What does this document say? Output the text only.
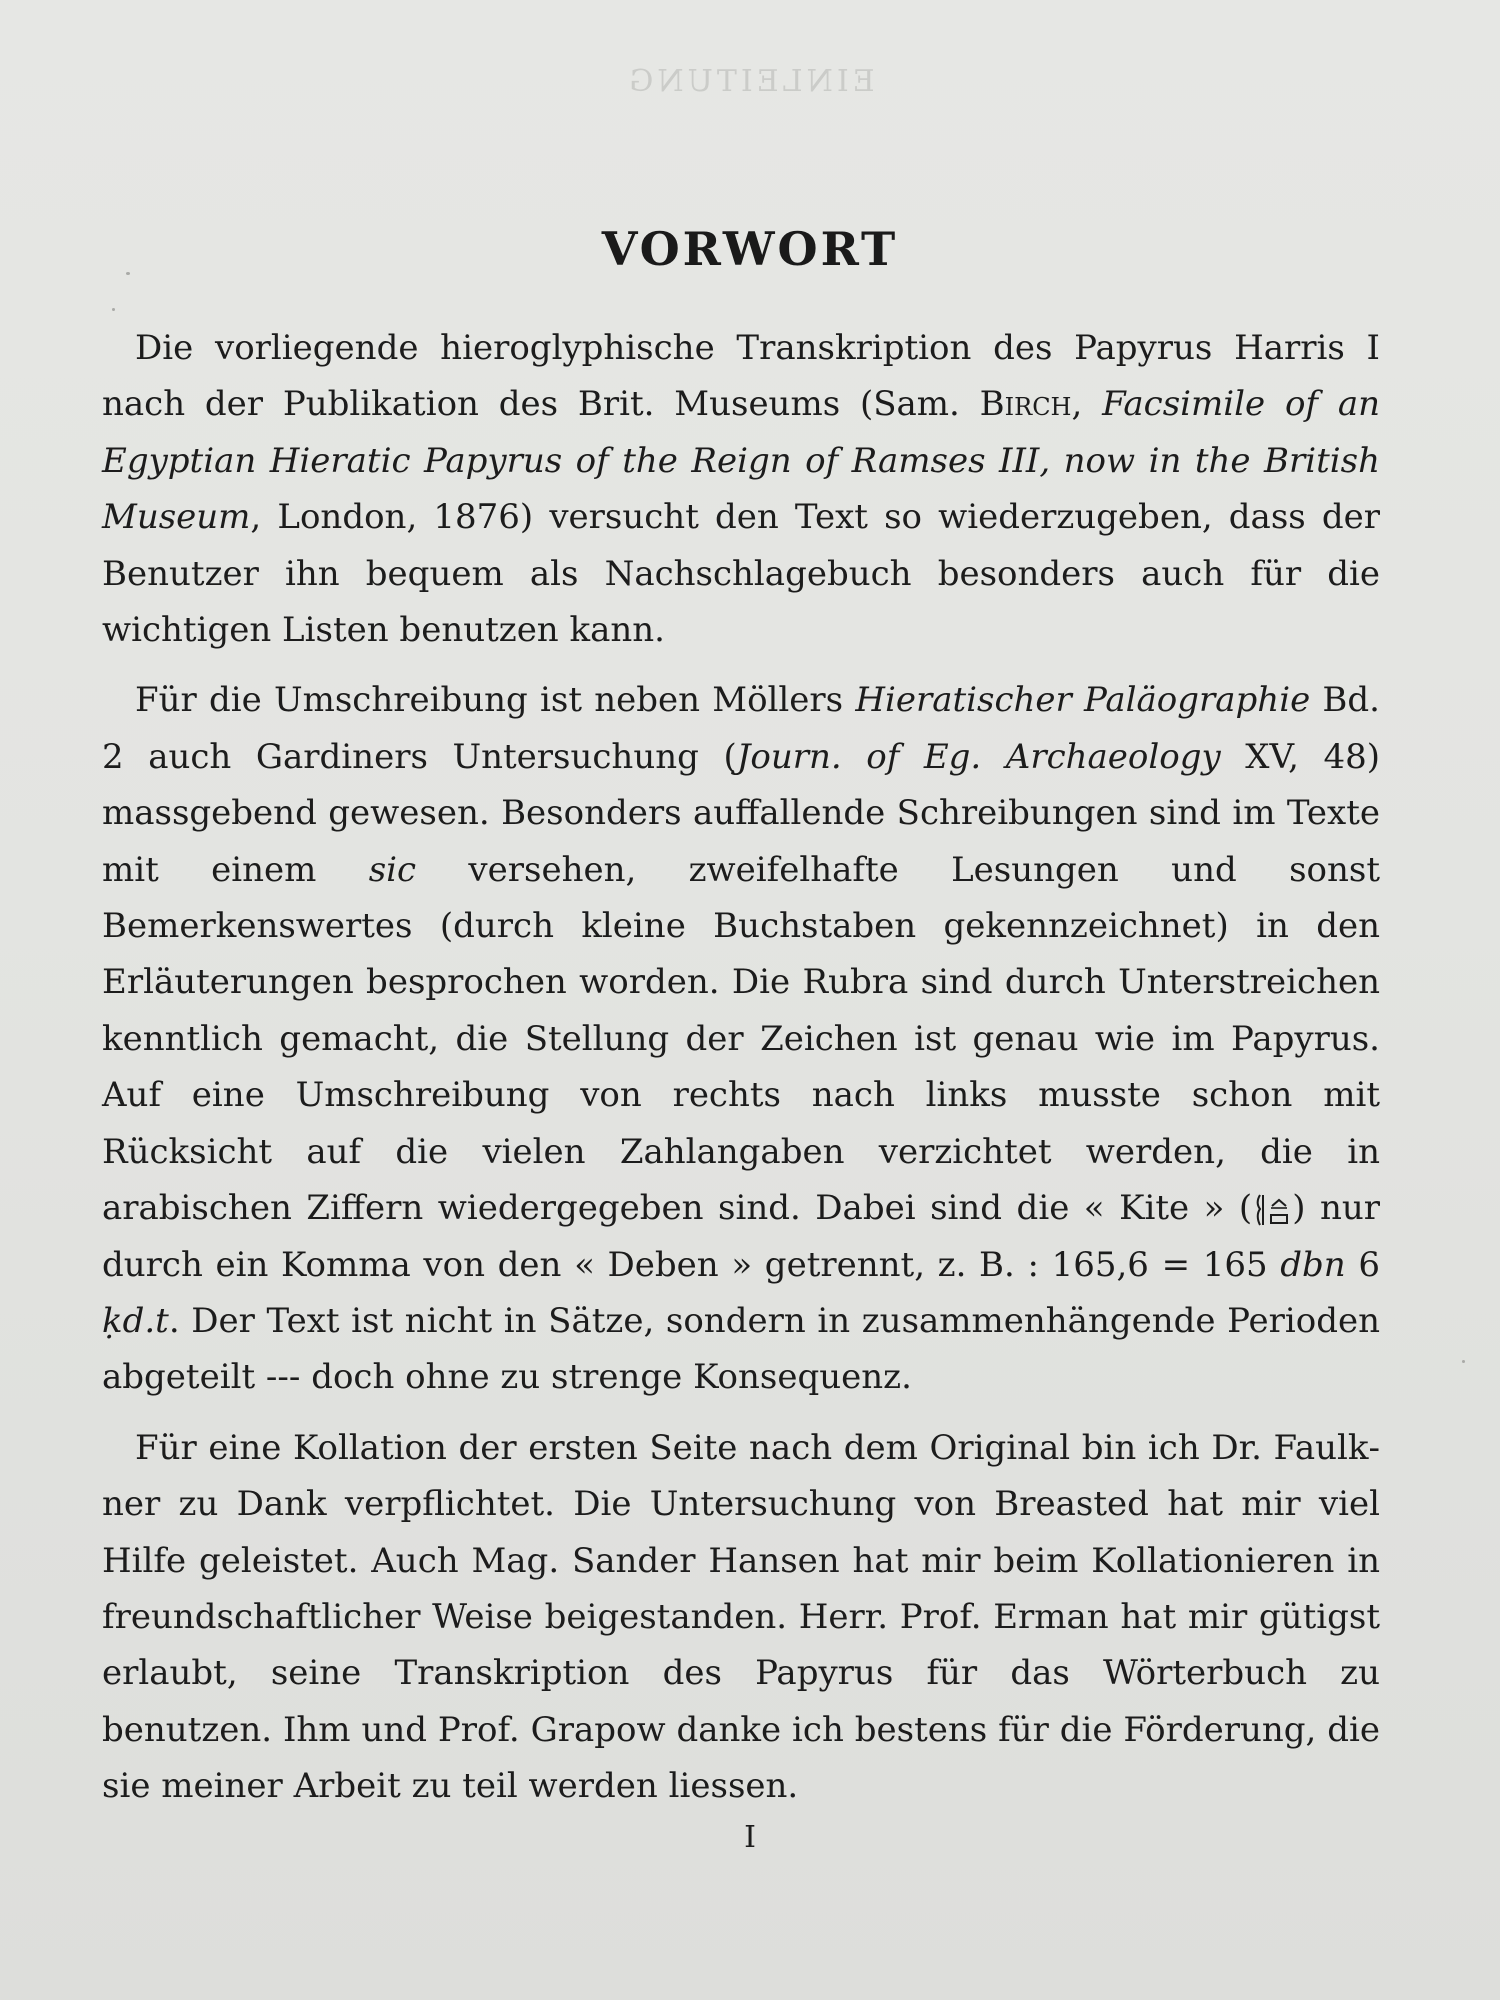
EINLEITUNG
VORWORT

Die vorliegende hieroglyphische Transkription des Papyrus Harris I nach der Publikation des Brit. Museums (Sam. Birch, Facsimile of an Egyptian Hieratic Papyrus of the Reign of Ramses III, now in the British Museum, London, 1876) versucht den Text so wiederzugeben, dass der Benutzer ihn bequem als Nachschlagebuch besonders auch für die wichtigen Listen benutzen kann.

Für die Umschreibung ist neben Möllers Hieratischer Paläographie Bd. 2 auch Gardiners Untersuchung (Journ. of Eg. Archaeology XV, 48) massgebend gewesen. Besonders auffallende Schreibungen sind im Texte mit einem sic versehen, zweifelhafte Lesungen und sonst Bemerkenswertes (durch kleine Buchstaben gekennzeichnet) in den Erläuterungen besprochen worden. Die Rubra sind durch Unterstreichen kenntlich gemacht, die Stellung der Zeichen ist genau wie im Papyrus. Auf eine Umschreibung von rechts nach links musste schon mit Rücksicht auf die vielen Zahlangaben verzichtet werden, die in arabischen Ziffern wiedergegeben sind. Dabei sind die « Kite » ( ) nur durch ein Komma von den « Deben » getrennt, z. B. : 165,6 = 165 dbn 6 ḳd.t. Der Text ist nicht in Sätze, sondern in zusammenhängende Perioden abgeteilt --- doch ohne zu strenge Konsequenz.

Für eine Kollation der ersten Seite nach dem Original bin ich Dr. Faulkner zu Dank verpflichtet. Die Untersuchung von Breasted hat mir viel Hilfe geleistet. Auch Mag. Sander Hansen hat mir beim Kollationieren in freundschaftlicher Weise beigestanden. Herr. Prof. Erman hat mir gütigst erlaubt, seine Transkription des Papyrus für das Wörterbuch zu benutzen. Ihm und Prof. Grapow danke ich bestens für die Förderung, die sie meiner Arbeit zu teil werden liessen.

I
